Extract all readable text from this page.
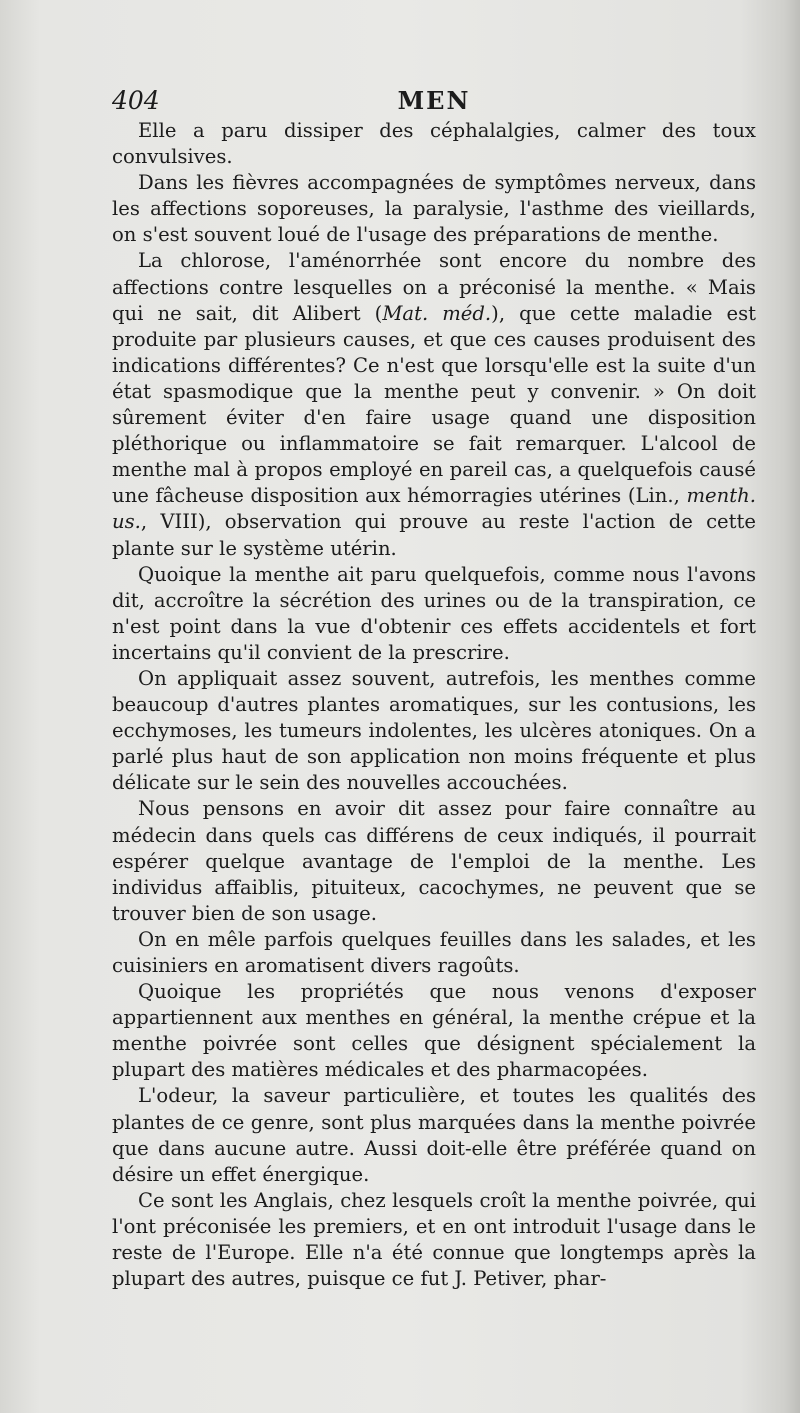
404	MEN

Elle a paru dissiper des céphalalgies, calmer des toux convulsives.

Dans les fièvres accompagnées de symptômes nerveux, dans les affections soporeuses, la paralysie, l'asthme des vieillards, on s'est souvent loué de l'usage des préparations de menthe.

La chlorose, l'aménorrhée sont encore du nombre des affections contre lesquelles on a préconisé la menthe. « Mais qui ne sait, dit Alibert (Mat. méd.), que cette maladie est produite par plusieurs causes, et que ces causes produisent des indications différentes? Ce n'est que lorsqu'elle est la suite d'un état spasmodique que la menthe peut y convenir. » On doit sûrement éviter d'en faire usage quand une disposition pléthorique ou inflammatoire se fait remarquer. L'alcool de menthe mal à propos employé en pareil cas, a quelquefois causé une fâcheuse disposition aux hémorragies utérines (Lin., menth. us., VIII), observation qui prouve au reste l'action de cette plante sur le système utérin.

Quoique la menthe ait paru quelquefois, comme nous l'avons dit, accroître la sécrétion des urines ou de la transpiration, ce n'est point dans la vue d'obtenir ces effets accidentels et fort incertains qu'il convient de la prescrire.

On appliquait assez souvent, autrefois, les menthes comme beaucoup d'autres plantes aromatiques, sur les contusions, les ecchymoses, les tumeurs indolentes, les ulcères atoniques. On a parlé plus haut de son application non moins fréquente et plus délicate sur le sein des nouvelles accouchées.

Nous pensons en avoir dit assez pour faire connaître au médecin dans quels cas différens de ceux indiqués, il pourrait espérer quelque avantage de l'emploi de la menthe. Les individus affaiblis, pituiteux, cacochymes, ne peuvent que se trouver bien de son usage.

On en mêle parfois quelques feuilles dans les salades, et les cuisiniers en aromatisent divers ragoûts.

Quoique les propriétés que nous venons d'exposer appartiennent aux menthes en général, la menthe crépue et la menthe poivrée sont celles que désignent spécialement la plupart des matières médicales et des pharmacopées.

L'odeur, la saveur particulière, et toutes les qualités des plantes de ce genre, sont plus marquées dans la menthe poivrée que dans aucune autre. Aussi doit-elle être préférée quand on désire un effet énergique.

Ce sont les Anglais, chez lesquels croît la menthe poivrée, qui l'ont préconisée les premiers, et en ont introduit l'usage dans le reste de l'Europe. Elle n'a été connue que longtemps après la plupart des autres, puisque ce fut J. Petiver, phar-
